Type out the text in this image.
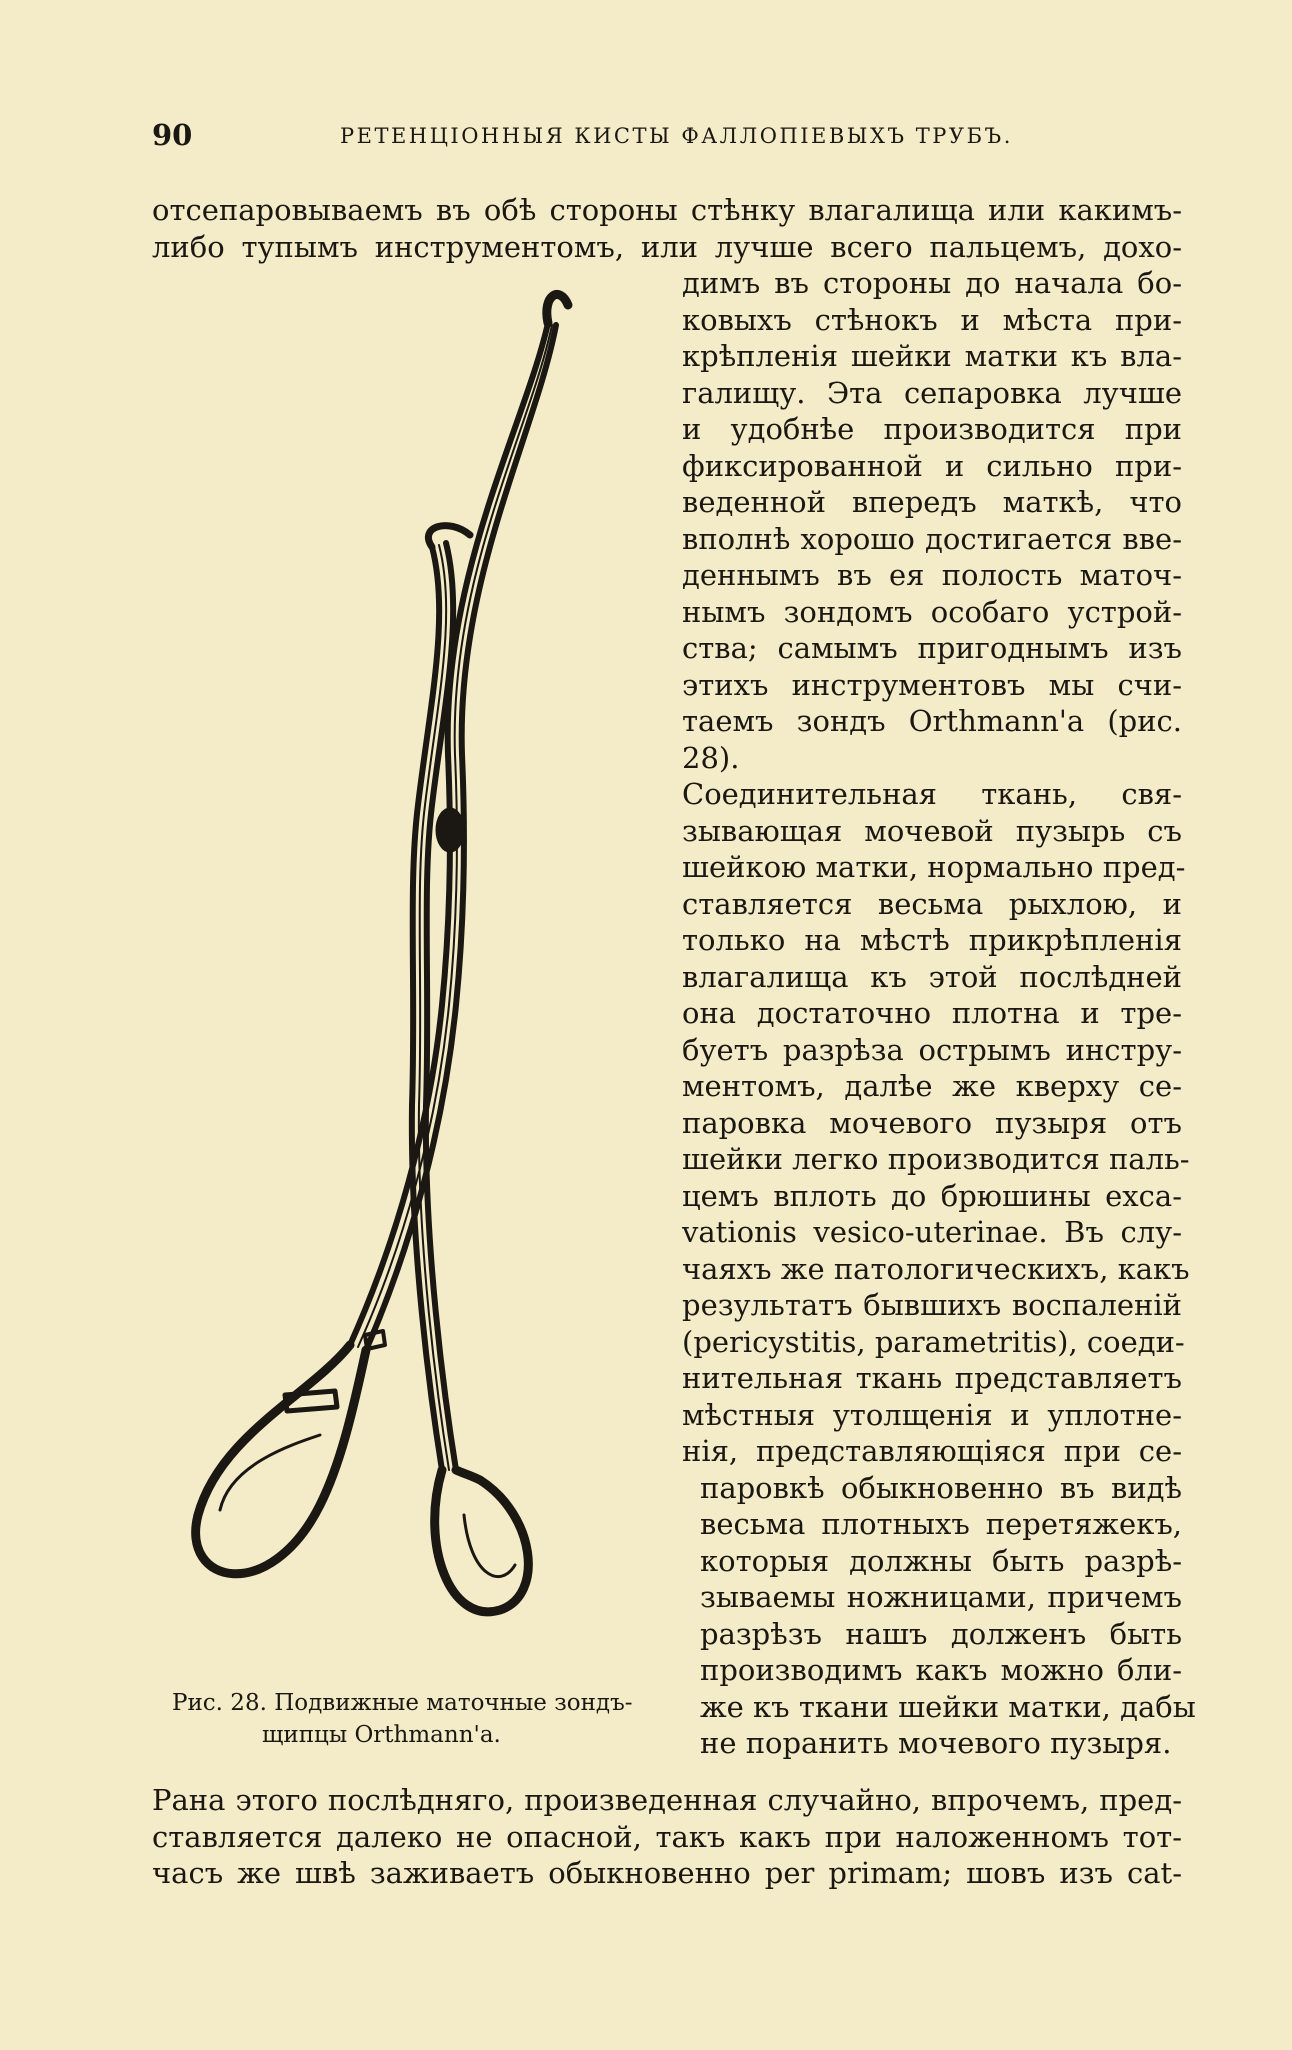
90	РЕТЕНЦІОННЫЯ КИСТЫ ФАЛЛОПІЕВЫХЪ ТРУБЪ.
отсепаровываемъ въ обѣ стороны стѣнку влагалища или какимъ-
либо тупымъ инструментомъ, или лучше всего пальцемъ, дохо-
димъ въ стороны до начала бо-
ковыхъ стѣнокъ и мѣста при-
крѣпленія шейки матки къ вла-
галищу. Эта сепаровка лучше
и удобнѣе производится при
фиксированной и сильно при-
веденной впередъ маткѣ, что
вполнѣ хорошо достигается вве-
деннымъ въ ея полость маточ-
нымъ зондомъ особаго устрой-
ства; самымъ пригоднымъ изъ
этихъ инструментовъ мы счи-
таемъ зондъ Orthmann'а (рис.
28).
Соединительная ткань, свя-
зывающая мочевой пузырь съ
шейкою матки, нормально пред-
ставляется весьма рыхлою, и
только на мѣстѣ прикрѣпленія
влагалища къ этой послѣдней
она достаточно плотна и тре-
буетъ разрѣза острымъ инстру-
ментомъ, далѣе же кверху се-
паровка мочевого пузыря отъ
шейки легко производится паль-
цемъ вплоть до брюшины exca-
vationis vesico-uterinae. Въ слу-
чаяхъ же патологическихъ, какъ
результатъ бывшихъ воспаленій
(pericystitis, parametritis), соеди-
нительная ткань представляетъ
мѣстныя утолщенія и уплотне-
нія, представляющіяся при се-
паровкѣ обыкновенно въ видѣ
весьма плотныхъ перетяжекъ,
которыя должны быть разрѣ-
зываемы ножницами, причемъ
разрѣзъ нашъ долженъ быть
производимъ какъ можно бли-
же къ ткани шейки матки, дабы
не поранить мочевого пузыря.
Рана этого послѣдняго, произведенная случайно, впрочемъ, пред-
ставляется далеко не опасной, такъ какъ при наложенномъ тот-
часъ же швѣ заживаетъ обыкновенно per primam; шовъ изъ cat-
Рис. 28. Подвижные маточные зондъ-
щипцы Orthmann'a.
